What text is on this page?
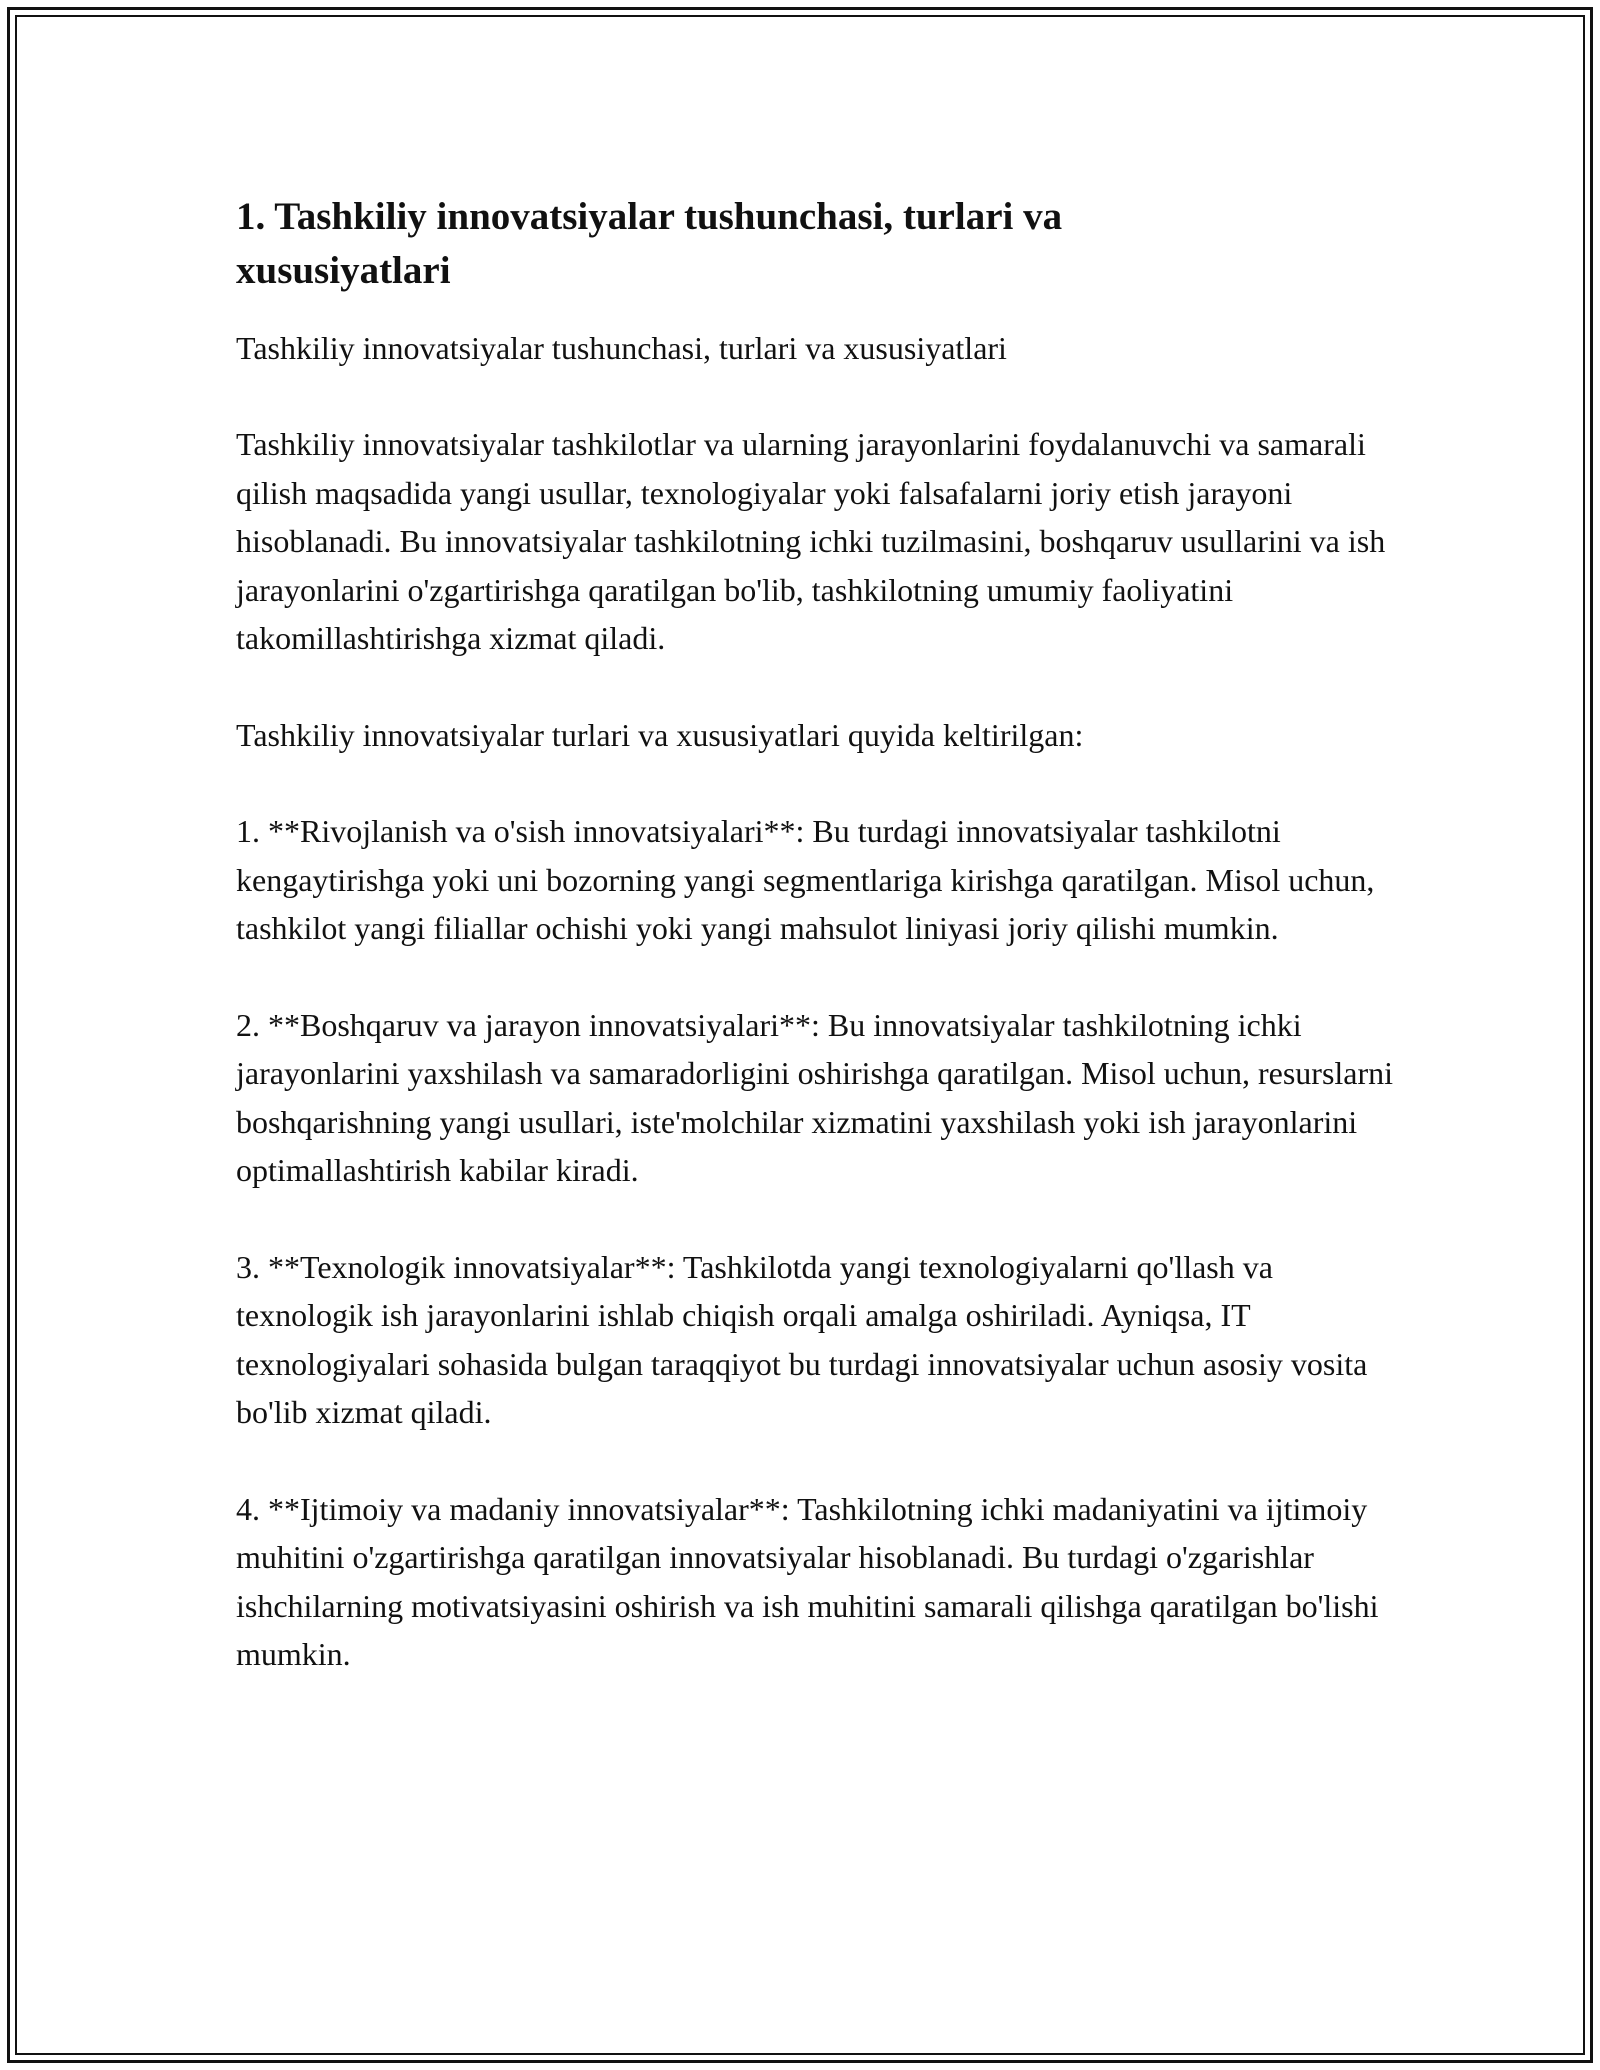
1. Tashkiliy innovatsiyalar tushunchasi, turlari va xususiyatlari

Tashkiliy innovatsiyalar tushunchasi, turlari va xususiyatlari

Tashkiliy innovatsiyalar tashkilotlar va ularning jarayonlarini foydalanuvchi va samarali qilish maqsadida yangi usullar, texnologiyalar yoki falsafalarni joriy etish jarayoni hisoblanadi. Bu innovatsiyalar tashkilotning ichki tuzilmasini, boshqaruv usullarini va ish jarayonlarini o'zgartirishga qaratilgan bo'lib, tashkilotning umumiy faoliyatini takomillashtirishga xizmat qiladi.

Tashkiliy innovatsiyalar turlari va xususiyatlari quyida keltirilgan:

1. **Rivojlanish va o'sish innovatsiyalari**: Bu turdagi innovatsiyalar tashkilotni kengaytirishga yoki uni bozorning yangi segmentlariga kirishga qaratilgan. Misol uchun, tashkilot yangi filiallar ochishi yoki yangi mahsulot liniyasi joriy qilishi mumkin.

2. **Boshqaruv va jarayon innovatsiyalari**: Bu innovatsiyalar tashkilotning ichki jarayonlarini yaxshilash va samaradorligini oshirishga qaratilgan. Misol uchun, resurslarni boshqarishning yangi usullari, iste'molchilar xizmatini yaxshilash yoki ish jarayonlarini optimallashtirish kabilar kiradi.

3. **Texnologik innovatsiyalar**: Tashkilotda yangi texnologiyalarni qo'llash va texnologik ish jarayonlarini ishlab chiqish orqali amalga oshiriladi. Ayniqsa, IT texnologiyalari sohasida bulgan taraqqiyot bu turdagi innovatsiyalar uchun asosiy vosita bo'lib xizmat qiladi.

4. **Ijtimoiy va madaniy innovatsiyalar**: Tashkilotning ichki madaniyatini va ijtimoiy muhitini o'zgartirishga qaratilgan innovatsiyalar hisoblanadi. Bu turdagi o'zgarishlar ishchilarning motivatsiyasini oshirish va ish muhitini samarali qilishga qaratilgan bo'lishi mumkin.
